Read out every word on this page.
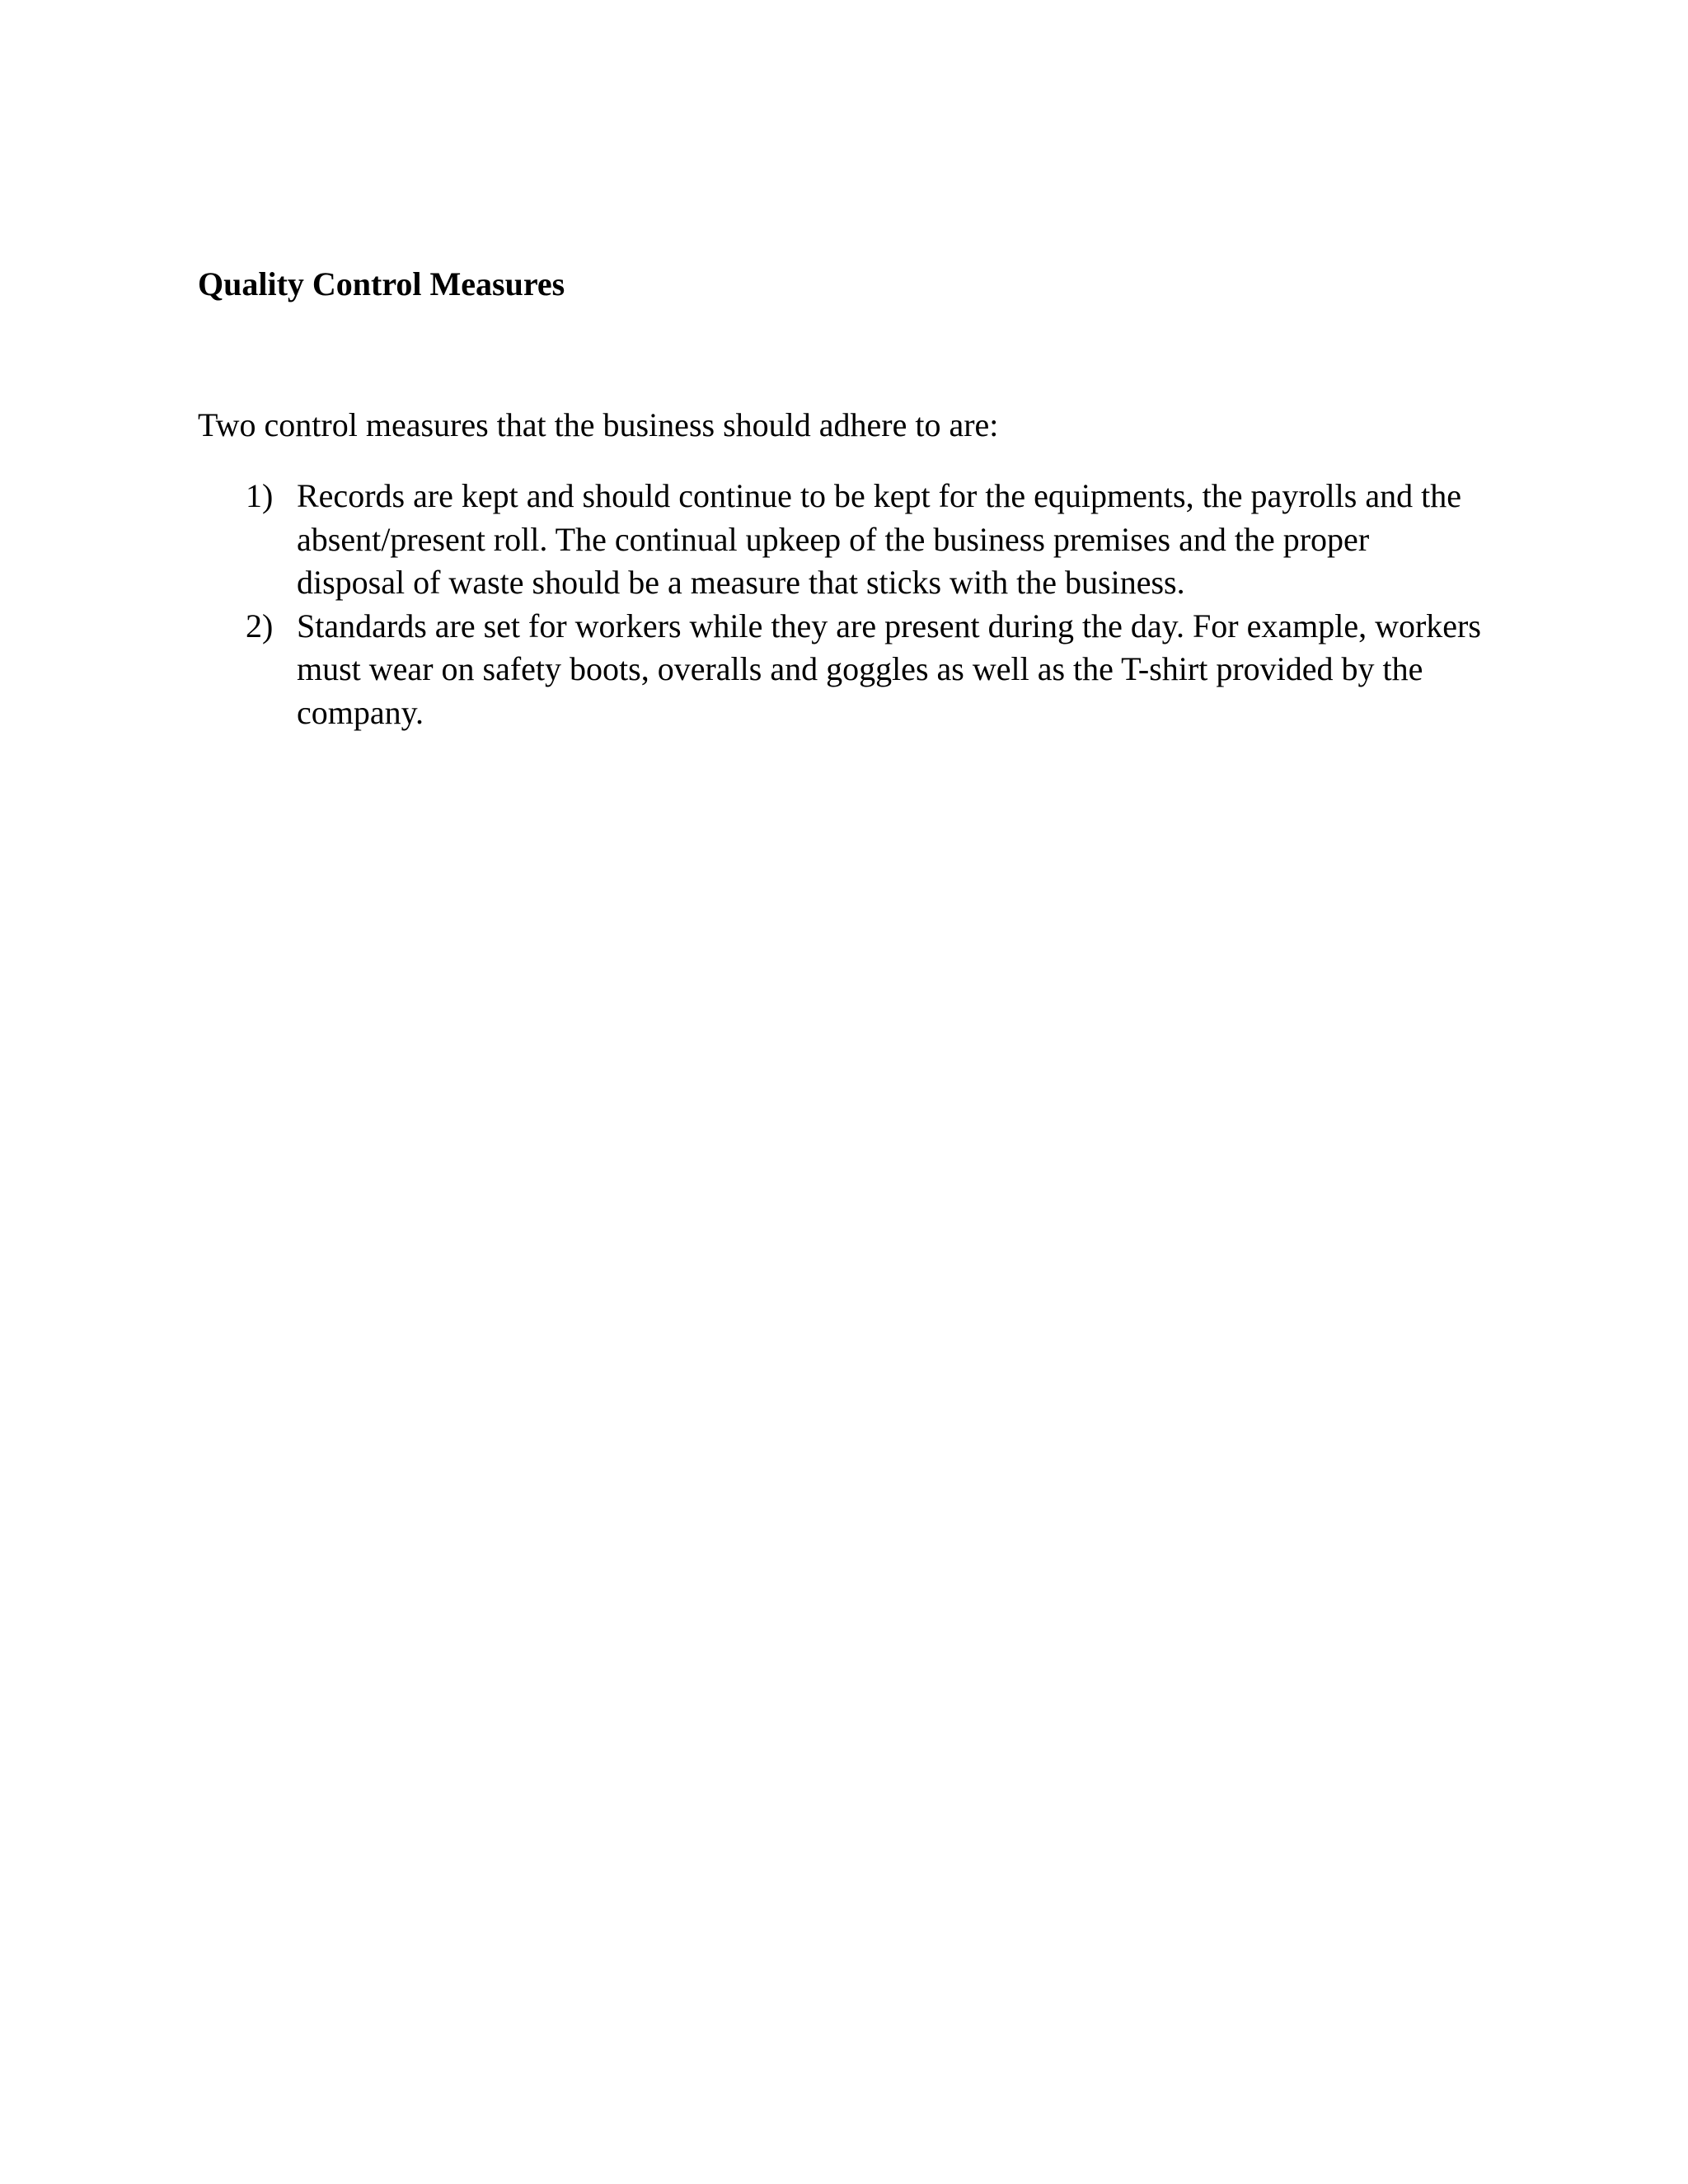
Quality Control Measures

Two control measures that the business should adhere to are:

1) Records are kept and should continue to be kept for the equipments, the payrolls and the
absent/present roll. The continual upkeep of the business premises and the proper
disposal of waste should be a measure that sticks with the business.
2) Standards are set for workers while they are present during the day. For example, workers
must wear on safety boots, overalls and goggles as well as the T-shirt provided by the
company.
